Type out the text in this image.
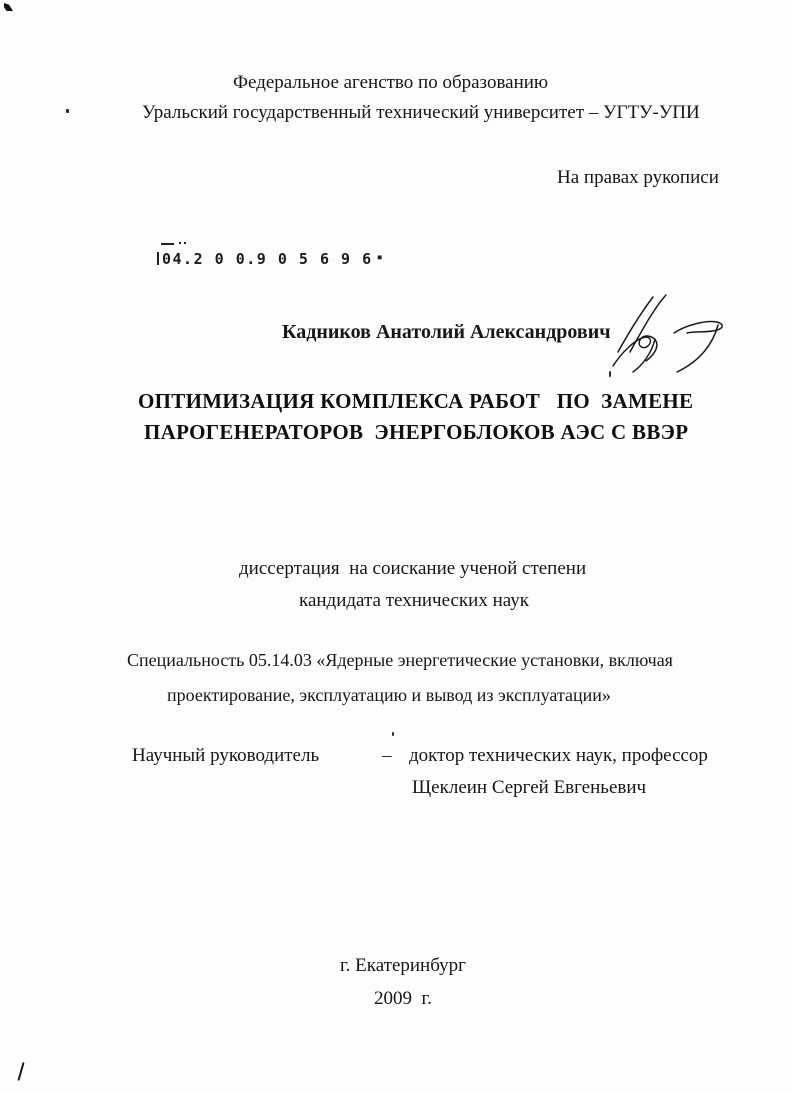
Федеральное агенство по образованию
Уральский государственный технический университет – УГТУ-УПИ
На правах рукописи
04.2 0 0.9 0 5 6 9 6 ▪
Кадников Анатолий Александрович
ОПТИМИЗАЦИЯ КОМПЛЕКСА РАБОТ   ПО  ЗАМЕНЕ
ПАРОГЕНЕРАТОРОВ  ЭНЕРГОБЛОКОВ АЭС С ВВЭР
диссертация  на соискание ученой степени
кандидата технических наук
Специальность 05.14.03 «Ядерные энергетические установки, включая
проектирование, эксплуатацию и вывод из эксплуатации»
Научный руководитель	– доктор технических наук, профессор
Щеклеин Сергей Евгеньевич
г. Екатеринбург
2009  г.
